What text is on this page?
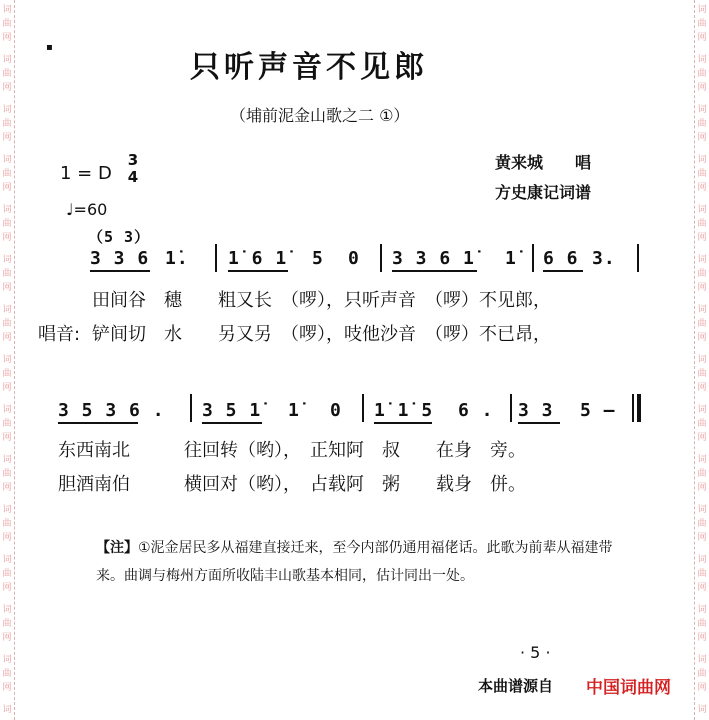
词
曲
网
词
曲
网
词
曲
网
词
曲
网
词
曲
网
词
曲
网
词
曲
网
词
曲
网
词
曲
网
词
曲
网
词
曲
网
词
曲
网
词
曲
网
词
曲
网
词
词
曲
网
词
曲
网
词
曲
网
词
曲
网
词
曲
网
词
曲
网
词
曲
网
词
曲
网
词
曲
网
词
曲
网
词
曲
网
词
曲
网
词
曲
网
词
曲
网
词
▪
只听声音不见郎
（埔前泥金山歌之二 ①）
1 = D
3
4
♩=60
黄来城　　唱
方史康记词谱
（5 3）
3 3 6 1̇. 1̇ 6 1̇ 5 0 3 3 6 1̇ 1̇ 6 6 3.
田间谷　穗　　粗又长　（啰），只听声音　（啰）不见郎，
唱音: 铲间切　水　　另又另　（啰），吱他沙音　（啰）不已昂，
3 5 3 6 . 3 5 1̇ 1̇ 0 1̇ 1̇ 5 6 . 3 3 5 –
东西南北　　　往回转（哟），　正知阿　叔　　在身　旁。
胆酒南伯　　　横回对（哟），　占载阿　粥　　载身　併。
【注】①泥金居民多从福建直接迁来，至今内部仍通用福佬话。此歌为前辈从福建带来。曲调与梅州方面所收陆丰山歌基本相同，估计同出一处。
· 5 ·
本曲谱源自 中国词曲网
